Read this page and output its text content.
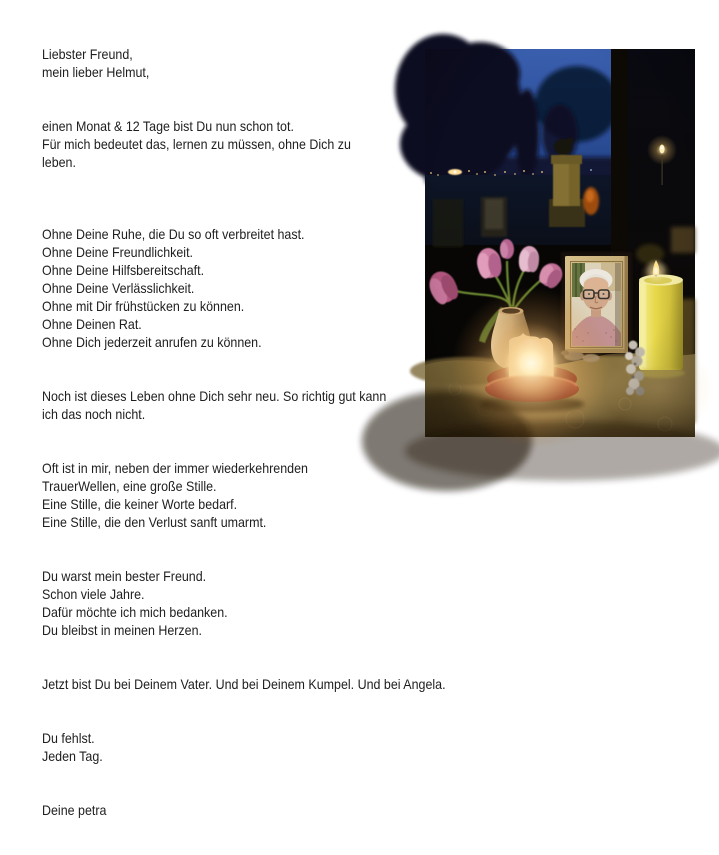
Liebster Freund,
mein lieber Helmut,

einen Monat & 12 Tage bist Du nun schon tot.
Für mich bedeutet das, lernen zu müssen, ohne Dich zu
leben.

Ohne Deine Ruhe, die Du so oft verbreitet hast.
Ohne Deine Freundlichkeit.
Ohne Deine Hilfsbereitschaft.
Ohne Deine Verlässlichkeit.
Ohne mit Dir frühstücken zu können.
Ohne Deinen Rat.
Ohne Dich jederzeit anrufen zu können.

Noch ist dieses Leben ohne Dich sehr neu. So richtig gut kann
ich das noch nicht.

Oft ist in mir, neben der immer wiederkehrenden
TrauerWellen, eine große Stille.
Eine Stille, die keiner Worte bedarf.
Eine Stille, die den Verlust sanft umarmt.

Du warst mein bester Freund.
Schon viele Jahre.
Dafür möchte ich mich bedanken.
Du bleibst in meinen Herzen.

Jetzt bist Du bei Deinem Vater. Und bei Deinem Kumpel. Und bei Angela.

Du fehlst.
Jeden Tag.

Deine petra
